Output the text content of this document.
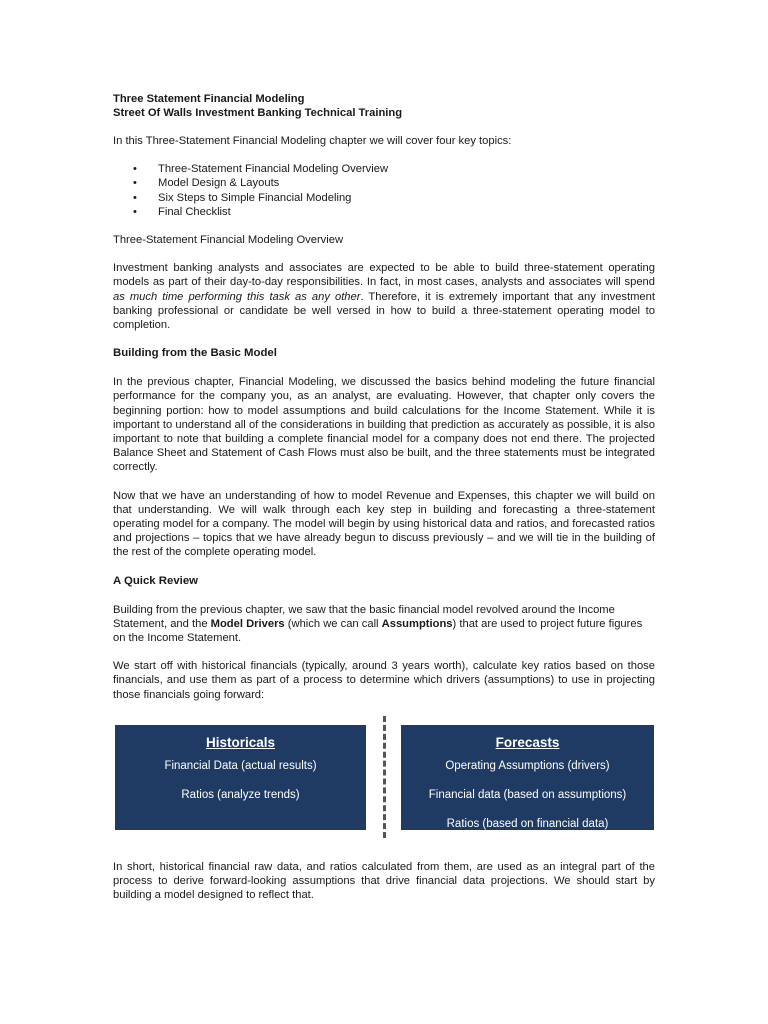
Three Statement Financial Modeling
Street Of Walls Investment Banking Technical Training

In this Three-Statement Financial Modeling chapter we will cover four key topics:

• Three-Statement Financial Modeling Overview
• Model Design & Layouts
• Six Steps to Simple Financial Modeling
• Final Checklist

Three-Statement Financial Modeling Overview

Investment banking analysts and associates are expected to be able to build three-statement operating models as part of their day-to-day responsibilities. In fact, in most cases, analysts and associates will spend as much time performing this task as any other. Therefore, it is extremely important that any investment banking professional or candidate be well versed in how to build a three-statement operating model to completion.

Building from the Basic Model

In the previous chapter, Financial Modeling, we discussed the basics behind modeling the future financial performance for the company you, as an analyst, are evaluating. However, that chapter only covers the beginning portion: how to model assumptions and build calculations for the Income Statement. While it is important to understand all of the considerations in building that prediction as accurately as possible, it is also important to note that building a complete financial model for a company does not end there. The projected Balance Sheet and Statement of Cash Flows must also be built, and the three statements must be integrated correctly.

Now that we have an understanding of how to model Revenue and Expenses, this chapter we will build on that understanding. We will walk through each key step in building and forecasting a three-statement operating model for a company. The model will begin by using historical data and ratios, and forecasted ratios and projections – topics that we have already begun to discuss previously – and we will tie in the building of the rest of the complete operating model.

A Quick Review

Building from the previous chapter, we saw that the basic financial model revolved around the Income Statement, and the Model Drivers (which we can call Assumptions) that are used to project future figures on the Income Statement.

We start off with historical financials (typically, around 3 years worth), calculate key ratios based on those financials, and use them as part of a process to determine which drivers (assumptions) to use in projecting those financials going forward:

Historicals
Financial Data (actual results)
Ratios (analyze trends)
Forecasts
Operating Assumptions (drivers)
Financial data (based on assumptions)
Ratios (based on financial data)

In short, historical financial raw data, and ratios calculated from them, are used as an integral part of the process to derive forward-looking assumptions that drive financial data projections. We should start by building a model designed to reflect that.
